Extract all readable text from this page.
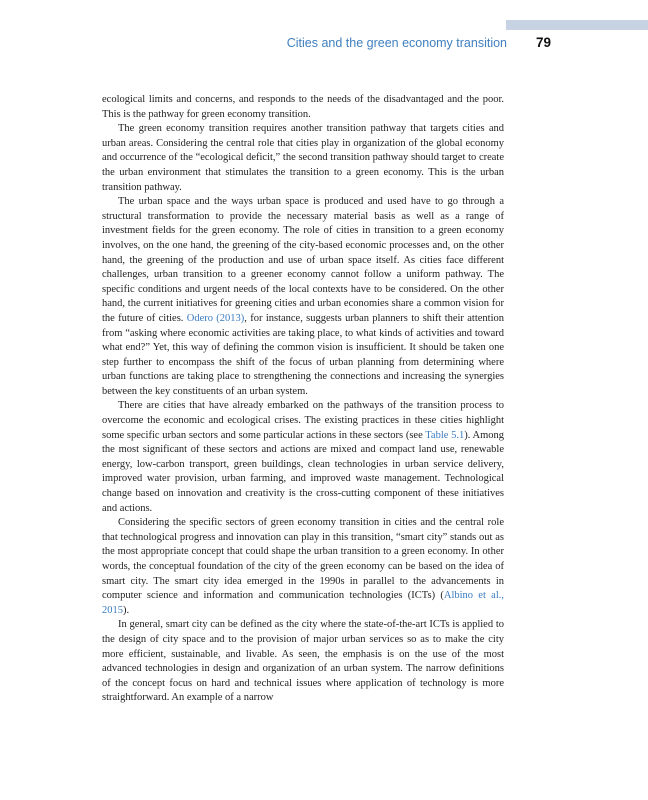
Cities and the green economy transition 79

ecological limits and concerns, and responds to the needs of the disadvantaged and the poor. This is the pathway for green economy transition.

The green economy transition requires another transition pathway that targets cities and urban areas. Considering the central role that cities play in organization of the global economy and occurrence of the “ecological deficit,” the second transition pathway should target to create the urban environment that stimulates the transition to a green economy. This is the urban transition pathway.

The urban space and the ways urban space is produced and used have to go through a structural transformation to provide the necessary material basis as well as a range of investment fields for the green economy. The role of cities in transition to a green economy involves, on the one hand, the greening of the city-based economic processes and, on the other hand, the greening of the production and use of urban space itself. As cities face different challenges, urban transition to a greener economy cannot follow a uniform pathway. The specific conditions and urgent needs of the local contexts have to be considered. On the other hand, the current initiatives for greening cities and urban economies share a common vision for the future of cities. Odero (2013), for instance, suggests urban planners to shift their attention from “asking where economic activities are taking place, to what kinds of activities and toward what end?” Yet, this way of defining the common vision is insufficient. It should be taken one step further to encompass the shift of the focus of urban planning from determining where urban functions are taking place to strengthening the connections and increasing the synergies between the key constituents of an urban system.

There are cities that have already embarked on the pathways of the transition process to overcome the economic and ecological crises. The existing practices in these cities highlight some specific urban sectors and some particular actions in these sectors (see Table 5.1). Among the most significant of these sectors and actions are mixed and compact land use, renewable energy, low-carbon transport, green buildings, clean technologies in urban service delivery, improved water provision, urban farming, and improved waste management. Technological change based on innovation and creativity is the cross-cutting component of these initiatives and actions.

Considering the specific sectors of green economy transition in cities and the central role that technological progress and innovation can play in this transition, “smart city” stands out as the most appropriate concept that could shape the urban transition to a green economy. In other words, the conceptual foundation of the city of the green economy can be based on the idea of smart city. The smart city idea emerged in the 1990s in parallel to the advancements in computer science and information and communication technologies (ICTs) (Albino et al., 2015).

In general, smart city can be defined as the city where the state-of-the-art ICTs is applied to the design of city space and to the provision of major urban services so as to make the city more efficient, sustainable, and livable. As seen, the emphasis is on the use of the most advanced technologies in design and organization of an urban system. The narrow definitions of the concept focus on hard and technical issues where application of technology is more straightforward. An example of a narrow
